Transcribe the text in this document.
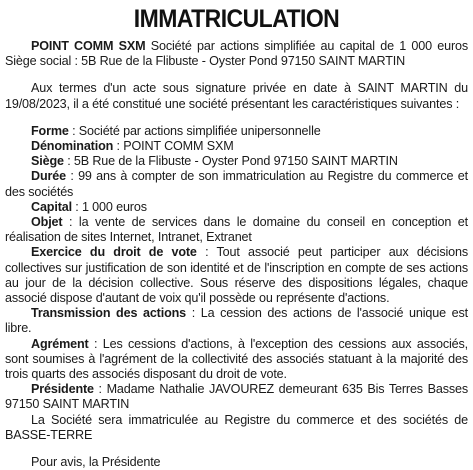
IMMATRICULATION

POINT COMM SXM Société par actions simplifiée au capital de 1 000 euros Siège social : 5B Rue de la Flibuste - Oyster Pond 97150 SAINT MARTIN

Aux termes d'un acte sous signature privée en date à SAINT MARTIN du 19/08/2023, il a été constitué une société présentant les caractéristiques suivantes :

Forme : Société par actions simplifiée unipersonnelle

Dénomination : POINT COMM SXM

Siège : 5B Rue de la Flibuste - Oyster Pond 97150 SAINT MARTIN

Durée : 99 ans à compter de son immatriculation au Registre du commerce et des sociétés

Capital : 1 000 euros

Objet : la vente de services dans le domaine du conseil en conception et réalisation de sites Internet, Intranet, Extranet

Exercice du droit de vote : Tout associé peut participer aux décisions collectives sur justification de son identité et de l'inscription en compte de ses actions au jour de la décision collective. Sous réserve des dispositions légales, chaque associé dispose d'autant de voix qu'il possède ou représente d'actions.

Transmission des actions : La cession des actions de l'associé unique est libre.

Agrément : Les cessions d'actions, à l'exception des cessions aux associés, sont soumises à l'agrément de la collectivité des associés statuant à la majorité des trois quarts des associés disposant du droit de vote.

Présidente : Madame Nathalie JAVOUREZ demeurant 635 Bis Terres Basses 97150 SAINT MARTIN

La Société sera immatriculée au Registre du commerce et des sociétés de BASSE-TERRE

Pour avis, la Présidente
